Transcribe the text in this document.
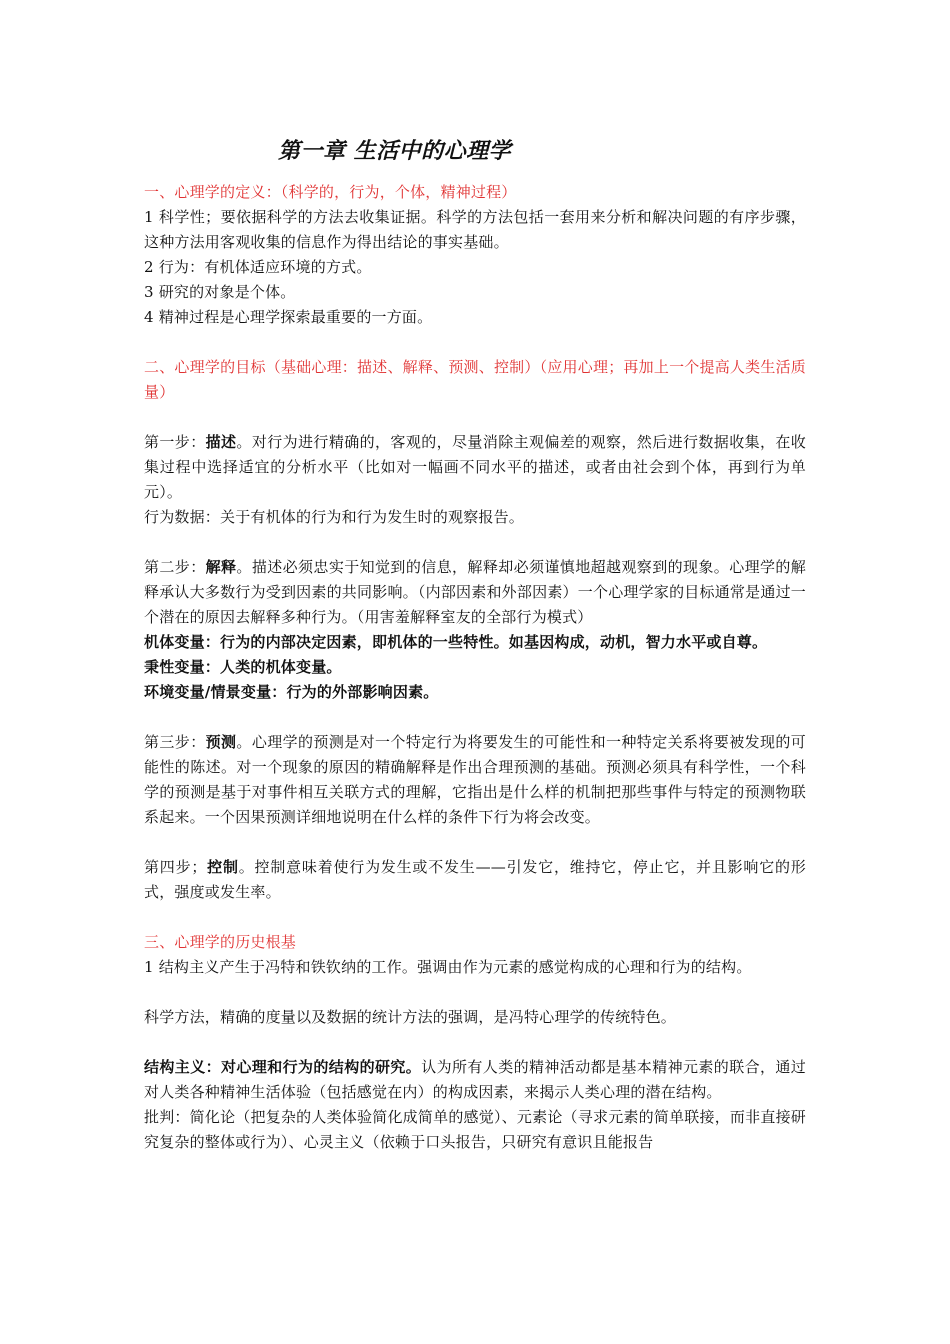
第一章 生活中的心理学

一、心理学的定义：（科学的，行为，个体，精神过程）

1 科学性；要依据科学的方法去收集证据。科学的方法包括一套用来分析和解决问题的有序步骤，这种方法用客观收集的信息作为得出结论的事实基础。

2 行为：有机体适应环境的方式。

3 研究的对象是个体。

4 精神过程是心理学探索最重要的一方面。

二、心理学的目标（基础心理：描述、解释、预测、控制）（应用心理；再加上一个提高人类生活质量）

第一步：描述。对行为进行精确的，客观的，尽量消除主观偏差的观察，然后进行数据收集，在收集过程中选择适宜的分析水平（比如对一幅画不同水平的描述，或者由社会到个体，再到行为单元）。

行为数据：关于有机体的行为和行为发生时的观察报告。

第二步：解释。描述必须忠实于知觉到的信息，解释却必须谨慎地超越观察到的现象。心理学的解释承认大多数行为受到因素的共同影响。（内部因素和外部因素）一个心理学家的目标通常是通过一个潜在的原因去解释多种行为。（用害羞解释室友的全部行为模式）

机体变量：行为的内部决定因素，即机体的一些特性。如基因构成，动机，智力水平或自尊。

秉性变量：人类的机体变量。

环境变量/情景变量：行为的外部影响因素。

第三步：预测。心理学的预测是对一个特定行为将要发生的可能性和一种特定关系将要被发现的可能性的陈述。对一个现象的原因的精确解释是作出合理预测的基础。预测必须具有科学性，一个科学的预测是基于对事件相互关联方式的理解，它指出是什么样的机制把那些事件与特定的预测物联系起来。一个因果预测详细地说明在什么样的条件下行为将会改变。

第四步；控制。控制意味着使行为发生或不发生——引发它，维持它，停止它，并且影响它的形式，强度或发生率。

三、心理学的历史根基

1 结构主义产生于冯特和铁钦纳的工作。强调由作为元素的感觉构成的心理和行为的结构。

科学方法，精确的度量以及数据的统计方法的强调，是冯特心理学的传统特色。

结构主义：对心理和行为的结构的研究。认为所有人类的精神活动都是基本精神元素的联合，通过对人类各种精神生活体验（包括感觉在内）的构成因素，来揭示人类心理的潜在结构。

批判：简化论（把复杂的人类体验简化成简单的感觉）、元素论（寻求元素的简单联接，而非直接研究复杂的整体或行为）、心灵主义（依赖于口头报告，只研究有意识且能报告
